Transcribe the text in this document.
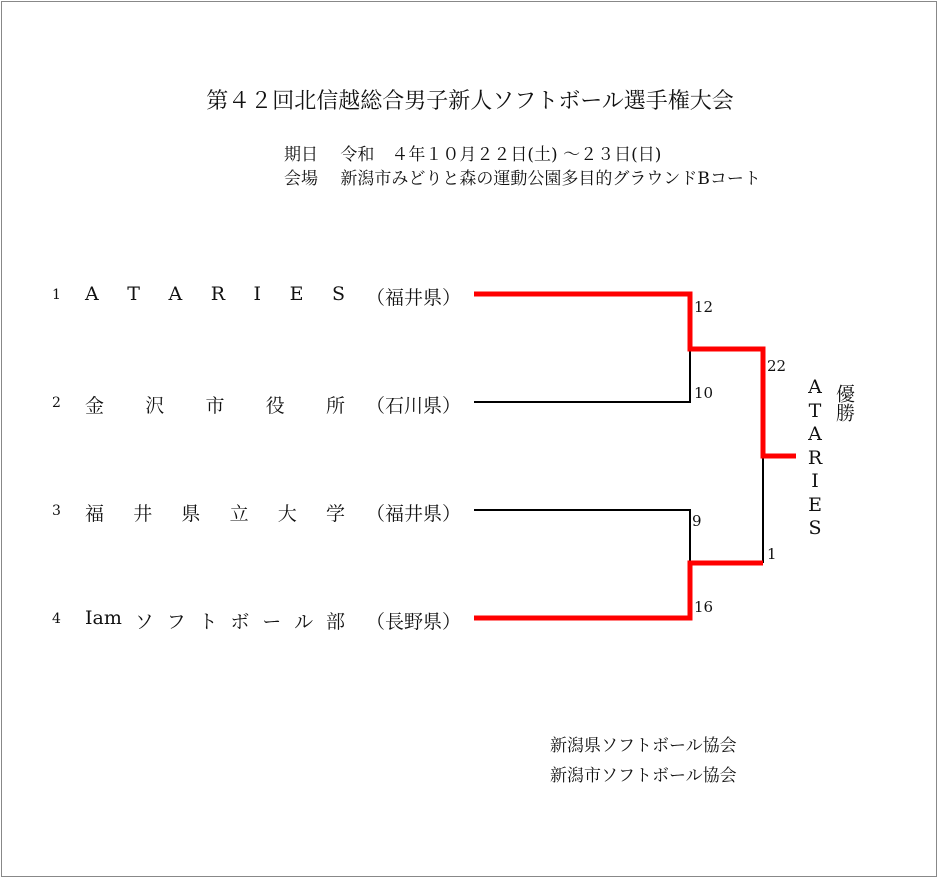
第４２回北信越総合男子新人ソフトボール選手権大会
期日　 令和　４年１０月２２日(土) ～２３日(日)
会場　 新潟市みどりと森の運動公園多目的グラウンドBコート
1 A T A R I E S （福井県）
2 金 沢 市 役 所 （石川県）
3 福 井 県 立 大 学 （福井県）
4 Iam ソ フ ト ボ ー ル 部 （長野県）
12
10
22
9
1
16
A
T
A
R
I
E
S
優勝
新潟県ソフトボール協会
新潟市ソフトボール協会
